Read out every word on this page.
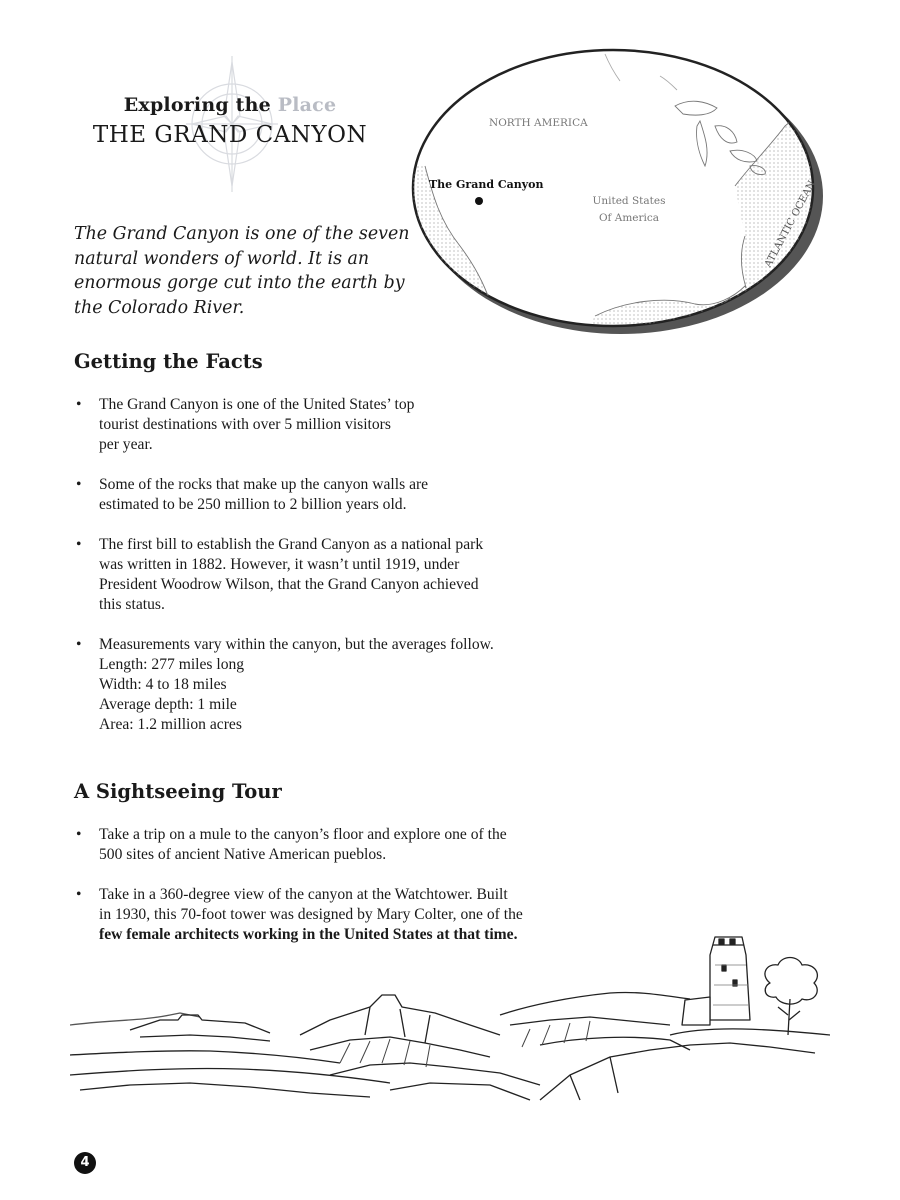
Exploring the Place
THE GRAND CANYON
The Grand Canyon is one of the seven
natural wonders of world. It is an
enormous gorge cut into the earth by
the Colorado River.
NORTH AMERICA
The Grand Canyon
United States
Of America	ATLANTIC OCEAN
Getting the Facts
• The Grand Canyon is one of the United States’ top
tourist destinations with over 5 million visitors
per year.
• Some of the rocks that make up the canyon walls are
estimated to be 250 million to 2 billion years old.
• The first bill to establish the Grand Canyon as a national park
was written in 1882. However, it wasn’t until 1919, under
President Woodrow Wilson, that the Grand Canyon achieved
this status.
• Measurements vary within the canyon, but the averages follow.
Length: 277 miles long
Width: 4 to 18 miles
Average depth: 1 mile
Area: 1.2 million acres
A Sightseeing Tour
• Take a trip on a mule to the canyon’s floor and explore one of the
500 sites of ancient Native American pueblos.
• Take in a 360-degree view of the canyon at the Watchtower. Built
in 1930, this 70-foot tower was designed by Mary Colter, one of the
few female architects working in the United States at that time.
4
